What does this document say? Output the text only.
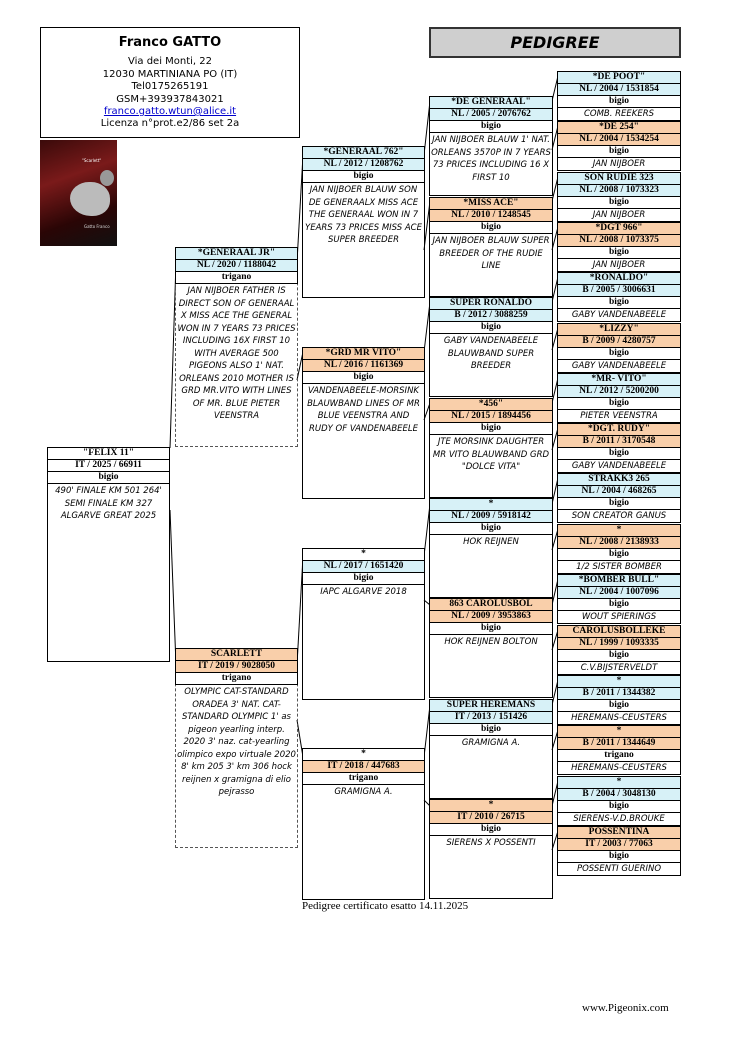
Franco GATTO
Via dei Monti, 22
12030 MARTINIANA PO (IT)
Tel0175265191
GSM+393937843021
franco.gatto.wtun@alice.it
Licenza n°prot.e2/86 set 2a
PEDIGREE
"Scarlett"
Gatto Franco
"FELIX 11"
IT / 2025 / 66911
bigio
490' FINALE KM 501 264' SEMI FINALE KM 327 ALGARVE GREAT 2025
*GENERAAL JR"
NL / 2020 / 1188042
trigano
JAN NIJBOER FATHER IS DIRECT SON OF GENERAAL X MISS ACE THE GENERAL WON IN 7 YEARS 73 PRICES INCLUDING 16X FIRST 10 WITH AVERAGE 500 PIGEONS ALSO 1' NAT. ORLEANS 2010 MOTHER IS GRD MR.VITO WITH LINES OF MR. BLUE PIETER VEENSTRA
SCARLETT
IT / 2019 / 9028050
trigano
OLYMPIC CAT-STANDARD ORADEA 3' NAT. CAT-STANDARD OLYMPIC 1' as pigeon yearling interp. 2020 3' naz. cat-yearling olimpico expo virtuale 2020 8' km 205 3' km 306 hock reijnen x gramigna di elio pejrasso
*GENERAAL 762"
NL / 2012 / 1208762
bigio
JAN NIJBOER BLAUW SON DE GENERAALX MISS ACE THE GENERAAL WON IN 7 YEARS 73 PRICES MISS ACE SUPER BREEDER
*GRD MR VITO"
NL / 2016 / 1161369
bigio
VANDENABEELE-MORSINK BLAUWBAND LINES OF MR BLUE VEENSTRA AND RUDY OF VANDENABEELE
*
NL / 2017 / 1651420
bigio
IAPC ALGARVE 2018
*
IT / 2018 / 447683
trigano
GRAMIGNA A.
*DE GENERAAL"
NL / 2005 / 2076762
bigio
JAN NIJBOER BLAUW 1' NAT. ORLEANS 3570P IN 7 YEARS 73 PRICES INCLUDING 16 X FIRST 10
*MISS ACE"
NL / 2010 / 1248545
bigio
JAN NIJBOER BLAUW SUPER BREEDER OF THE RUDIE LINE
SUPER RONALDO
B / 2012 / 3088259
bigio
GABY VANDENABEELE BLAUWBAND SUPER BREEDER
*456"
NL / 2015 / 1894456
bigio
JTE MORSINK DAUGHTER MR VITO BLAUWBAND GRD "DOLCE VITA"
*
NL / 2009 / 5918142
bigio
HOK REIJNEN
863 CAROLUSBOL
NL / 2009 / 3953863
bigio
HOK REIJNEN BOLTON
SUPER HEREMANS
IT / 2013 / 151426
bigio
GRAMIGNA A.
*
IT / 2010 / 26715
bigio
SIERENS X POSSENTI
*DE POOT"
NL / 2004 / 1531854
bigio
COMB. REEKERS
*DE 254"
NL / 2004 / 1534254
bigio
JAN NIJBOER
SON RUDIE 323
NL / 2008 / 1073323
bigio
JAN NIJBOER
*DGT 966"
NL / 2008 / 1073375
bigio
JAN NIJBOER
*RONALDO"
B / 2005 / 3006631
bigio
GABY VANDENABEELE
*LIZZY"
B / 2009 / 4280757
bigio
GABY VANDENABEELE
*MR- VITO"
NL / 2012 / 5200200
bigio
PIETER VEENSTRA
*DGT. RUDY"
B / 2011 / 3170548
bigio
GABY VANDENABEELE
STRAKK3 265
NL / 2004 / 468265
bigio
SON CREATOR GANUS
*
NL / 2008 / 2138933
bigio
1/2 SISTER BOMBER
*BOMBER BULL"
NL / 2004 / 1007096
bigio
WOUT SPIERINGS
CAROLUSBOLLEKE
NL / 1999 / 1093335
bigio
C.V.BIJSTERVELDT
*
B / 2011 / 1344382
bigio
HEREMANS-CEUSTERS
*
B / 2011 / 1344649
trigano
HEREMANS-CEUSTERS
*
B / 2004 / 3048130
bigio
SIERENS-V.D.BROUKE
POSSENTINA
IT / 2003 / 77063
bigio
POSSENTI GUERINO
Pedigree certificato esatto 14.11.2025
www.Pigeonix.com
